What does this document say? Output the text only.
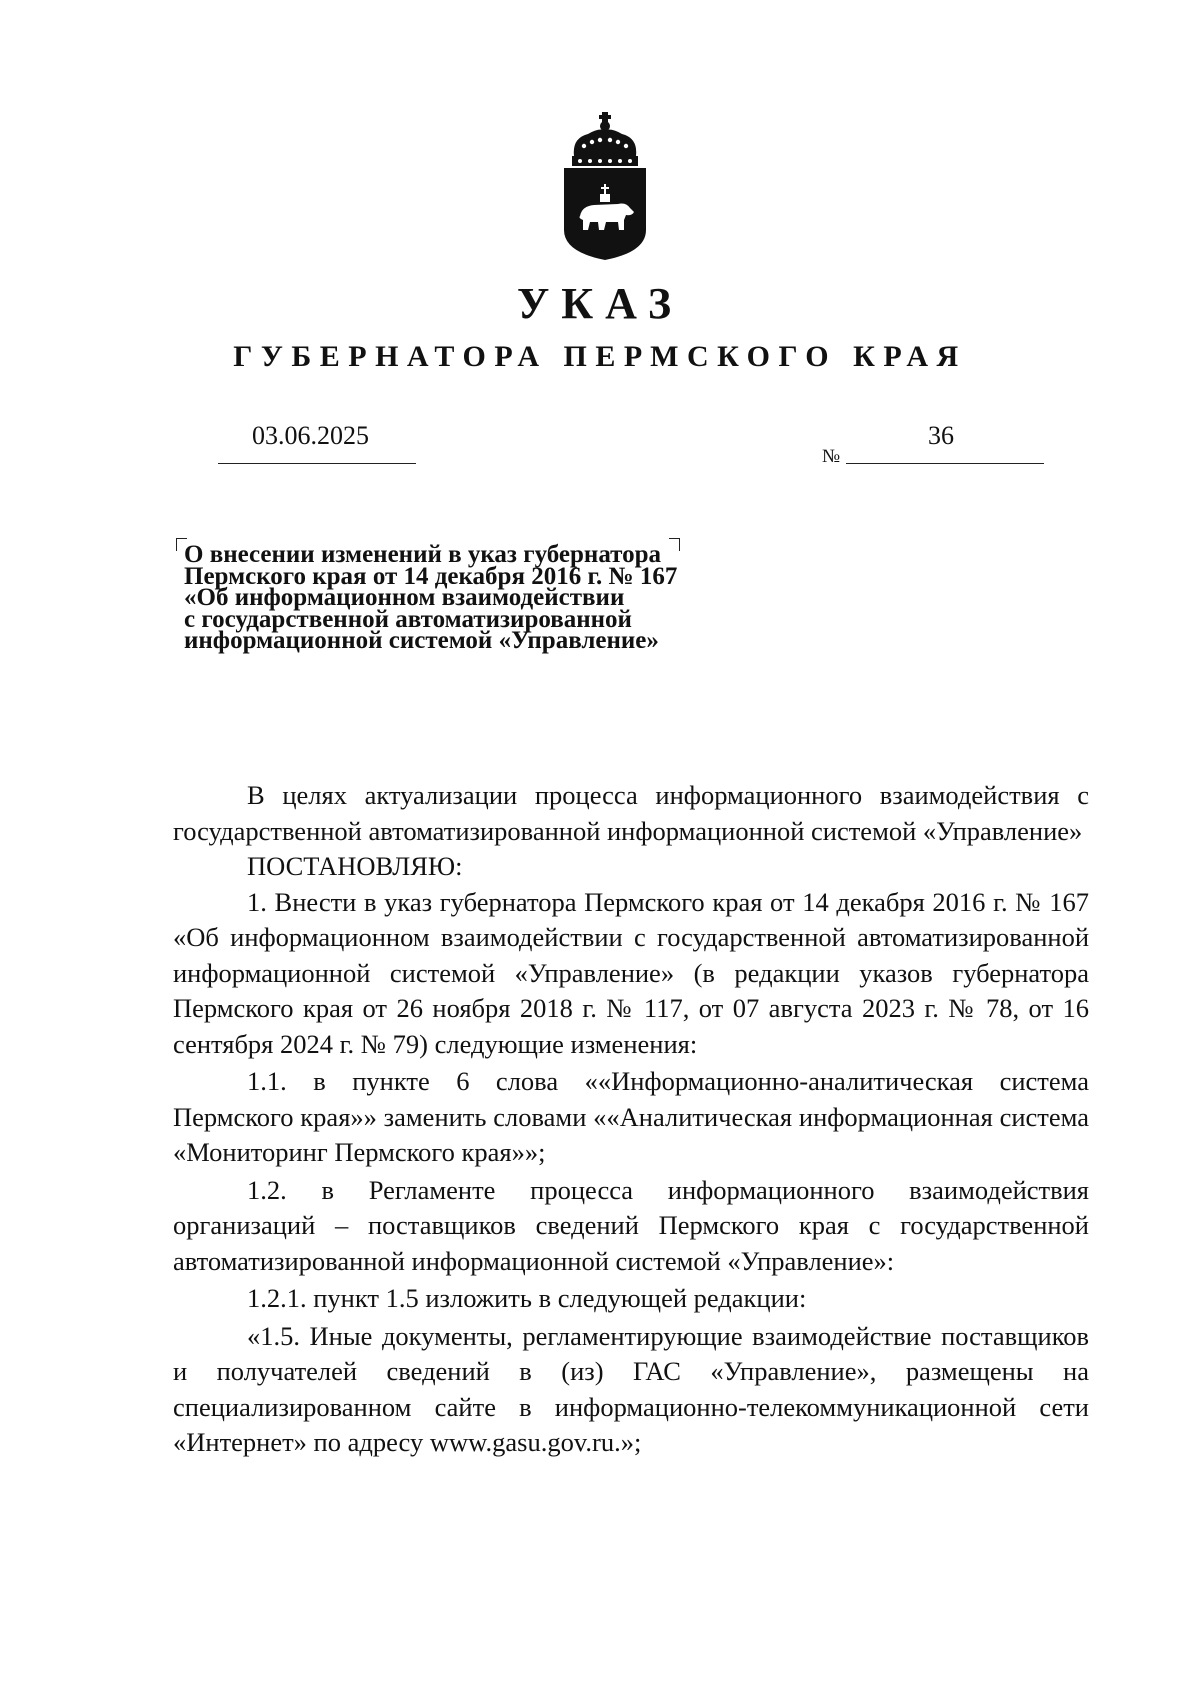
УКАЗ
ГУБЕРНАТОРА ПЕРМСКОГО КРАЯ
03.06.2025
№
36
О внесении изменений в указ губернатора
Пермского края от 14 декабря 2016 г. № 167
«Об информационном взаимодействии
с государственной автоматизированной
информационной системой «Управление»

В целях актуализации процесса информационного взаимодействия с государственной автоматизированной информационной системой «Управление»

ПОСТАНОВЛЯЮ:

1. Внести в указ губернатора Пермского края от 14 декабря 2016 г. № 167 «Об информационном взаимодействии с государственной автоматизированной информационной системой «Управление» (в редакции указов губернатора Пермского края от 26 ноября 2018 г. № 117, от 07 августа 2023 г. № 78, от 16 сентября 2024 г. № 79) следующие изменения:

1.1. в пункте 6 слова ««Информационно-аналитическая система Пермского края»» заменить словами ««Аналитическая информационная система «Мониторинг Пермского края»»;

1.2. в Регламенте процесса информационного взаимодействия организаций – поставщиков сведений Пермского края с государственной автоматизированной информационной системой «Управление»:

1.2.1. пункт 1.5 изложить в следующей редакции:

«1.5. Иные документы, регламентирующие взаимодействие поставщиков и получателей сведений в (из) ГАС «Управление», размещены на специализированном сайте в информационно-телекоммуникационной сети «Интернет» по адресу www.gasu.gov.ru.»;
